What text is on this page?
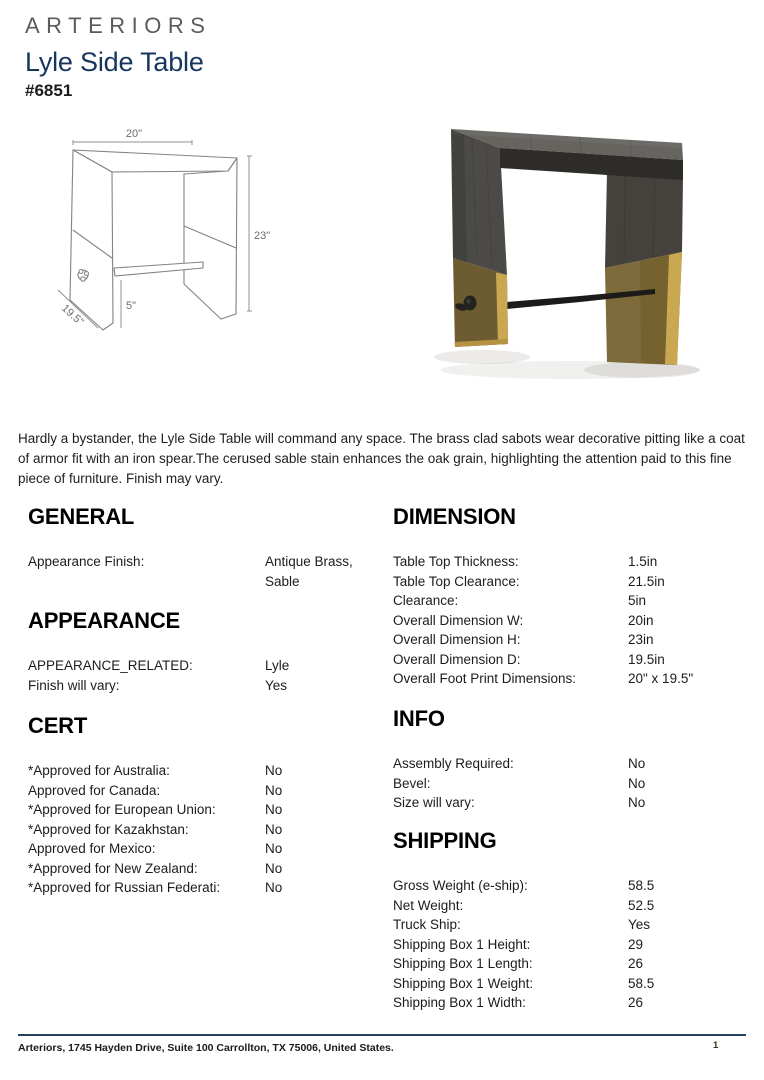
ARTERIORS
Lyle Side Table
#6851
20"
23"
5"
19.5"
Hardly a bystander, the Lyle Side Table will command any space. The brass clad sabots wear decorative pitting like a coat of armor fit with an iron spear.The cerused sable stain enhances the oak grain, highlighting the attention paid to this fine piece of furniture. Finish may vary.
GENERAL
Appearance Finish:	Antique Brass, Sable
APPEARANCE
APPEARANCE_RELATED:	Lyle
Finish will vary:	Yes
CERT
*Approved for Australia:	No
Approved for Canada:	No
*Approved for European Union:	No
*Approved for Kazakhstan:	No
Approved for Mexico:	No
*Approved for New Zealand:	No
*Approved for Russian Federati:	No
DIMENSION
Table Top Thickness:	1.5in
Table Top Clearance:	21.5in
Clearance:	5in
Overall Dimension W:	20in
Overall Dimension H:	23in
Overall Dimension D:	19.5in
Overall Foot Print Dimensions:	20" x 19.5"
INFO
Assembly Required:	No
Bevel:	No
Size will vary:	No
SHIPPING
Gross Weight (e-ship):	58.5
Net Weight:	52.5
Truck Ship:	Yes
Shipping Box 1 Height:	29
Shipping Box 1 Length:	26
Shipping Box 1 Weight:	58.5
Shipping Box 1 Width:	26
Arteriors, 1745 Hayden Drive, Suite 100 Carrollton, TX 75006, United States.	1
